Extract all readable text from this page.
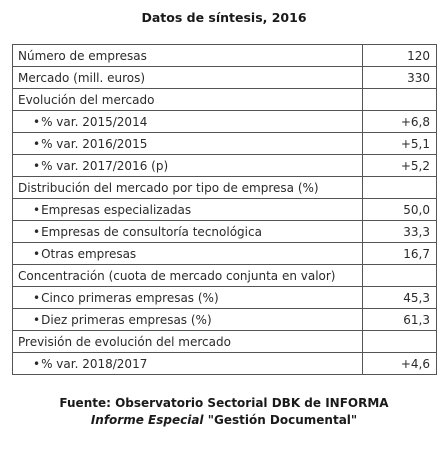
Datos de síntesis, 2016
Número de empresas	120
Mercado (mill. euros)	330
Evolución del mercado	
•% var. 2015/2014	+6,8
•% var. 2016/2015	+5,1
•% var. 2017/2016 (p)	+5,2
Distribución del mercado por tipo de empresa (%)	
•Empresas especializadas	50,0
•Empresas de consultoría tecnológica	33,3
•Otras empresas	16,7
Concentración (cuota de mercado conjunta en valor)	
•Cinco primeras empresas (%)	45,3
•Diez primeras empresas (%)	61,3
Previsión de evolución del mercado	
•% var. 2018/2017	+4,6
Fuente: Observatorio Sectorial DBK de INFORMA
Informe Especial "Gestión Documental"
